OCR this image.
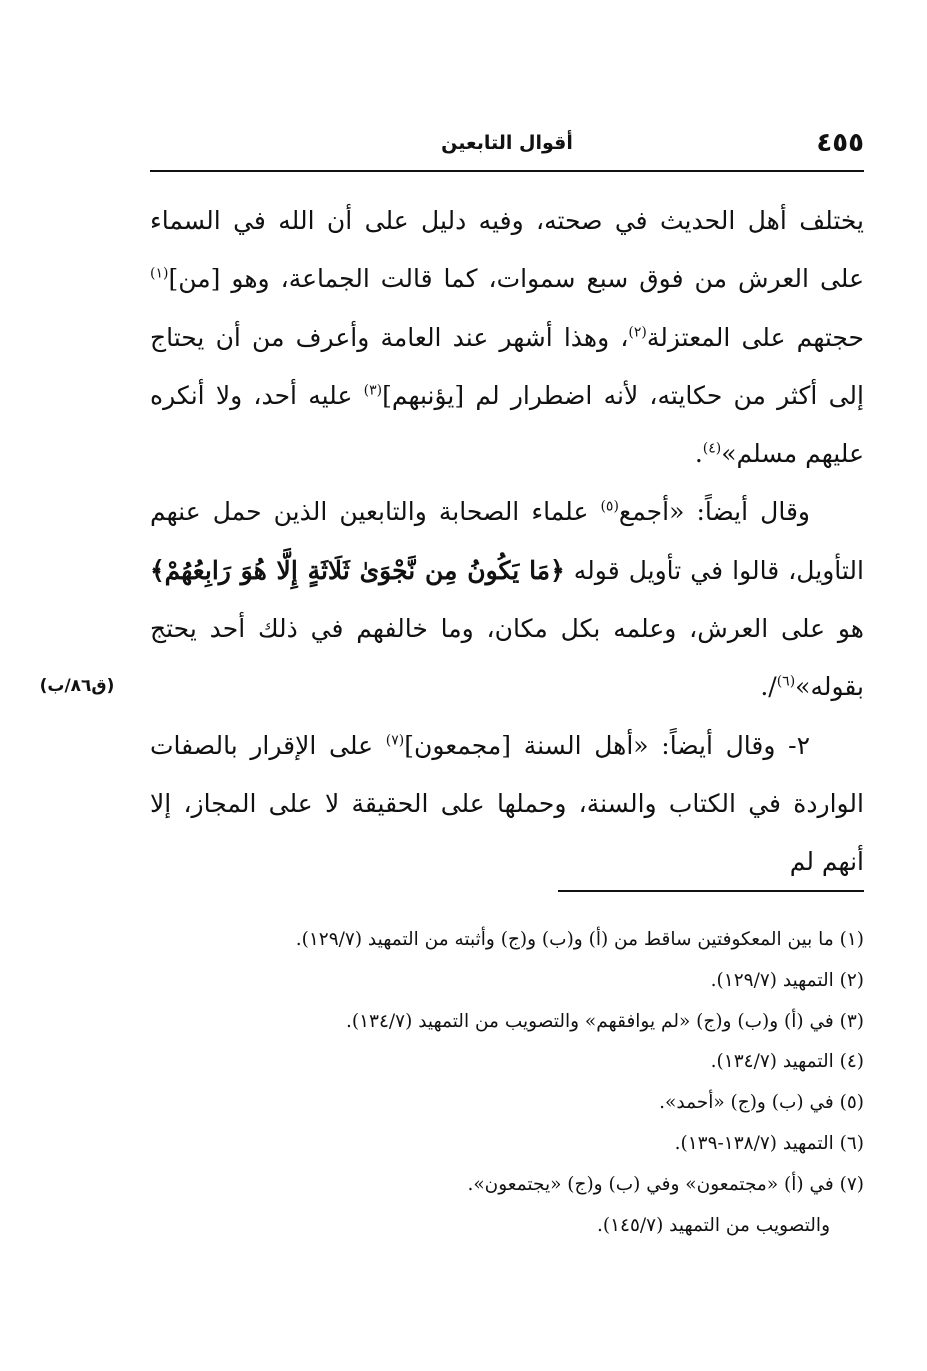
٤٥٥
أقوال التابعين

يختلف أهل الحديث في صحته، وفيه دليل على أن الله في السماء على العرش من فوق سبع سموات، كما قالت الجماعة، وهو [من]$^{(١)}$ حجتهم على المعتزلة$^{(٢)}$، وهذا أشهر عند العامة وأعرف من أن يحتاج إلى أكثر من حكايته، لأنه اضطرار لم [يؤنبهم]$^{(٣)}$ عليه أحد، ولا أنكره عليهم مسلم»$^{(٤)}$.

وقال أيضاً: «أجمع$^{(٥)}$ علماء الصحابة والتابعين الذين حمل عنهم التأويل، قالوا في تأويل قوله ﴿مَا يَكُونُ مِن نَّجْوَىٰ ثَلَاثَةٍ إِلَّا هُوَ رَابِعُهُمْ﴾ هو على العرش، وعلمه بكل مكان، وما خالفهم في ذلك أحد يحتج بقوله»$^{(٦)}$/.

٢- وقال أيضاً: «أهل السنة [مجمعون]$^{(٧)}$ على الإقرار بالصفات الواردة في الكتاب والسنة، وحملها على الحقيقة لا على المجاز، إلا أنهم لم

(ق٨٦/ب)

(١) ما بين المعكوفتين ساقط من (أ) و(ب) و(ج) وأثبته من التمهيد (١٢٩/٧).

(٢) التمهيد (١٢٩/٧).

(٣) في (أ) و(ب) و(ج) «لم يوافقهم» والتصويب من التمهيد (١٣٤/٧).

(٤) التمهيد (١٣٤/٧).

(٥) في (ب) و(ج) «أحمد».

(٦) التمهيد (١٣٨/٧-١٣٩).

(٧) في (أ) «مجتمعون» وفي (ب) و(ج) «يجتمعون».

والتصويب من التمهيد (١٤٥/٧).
